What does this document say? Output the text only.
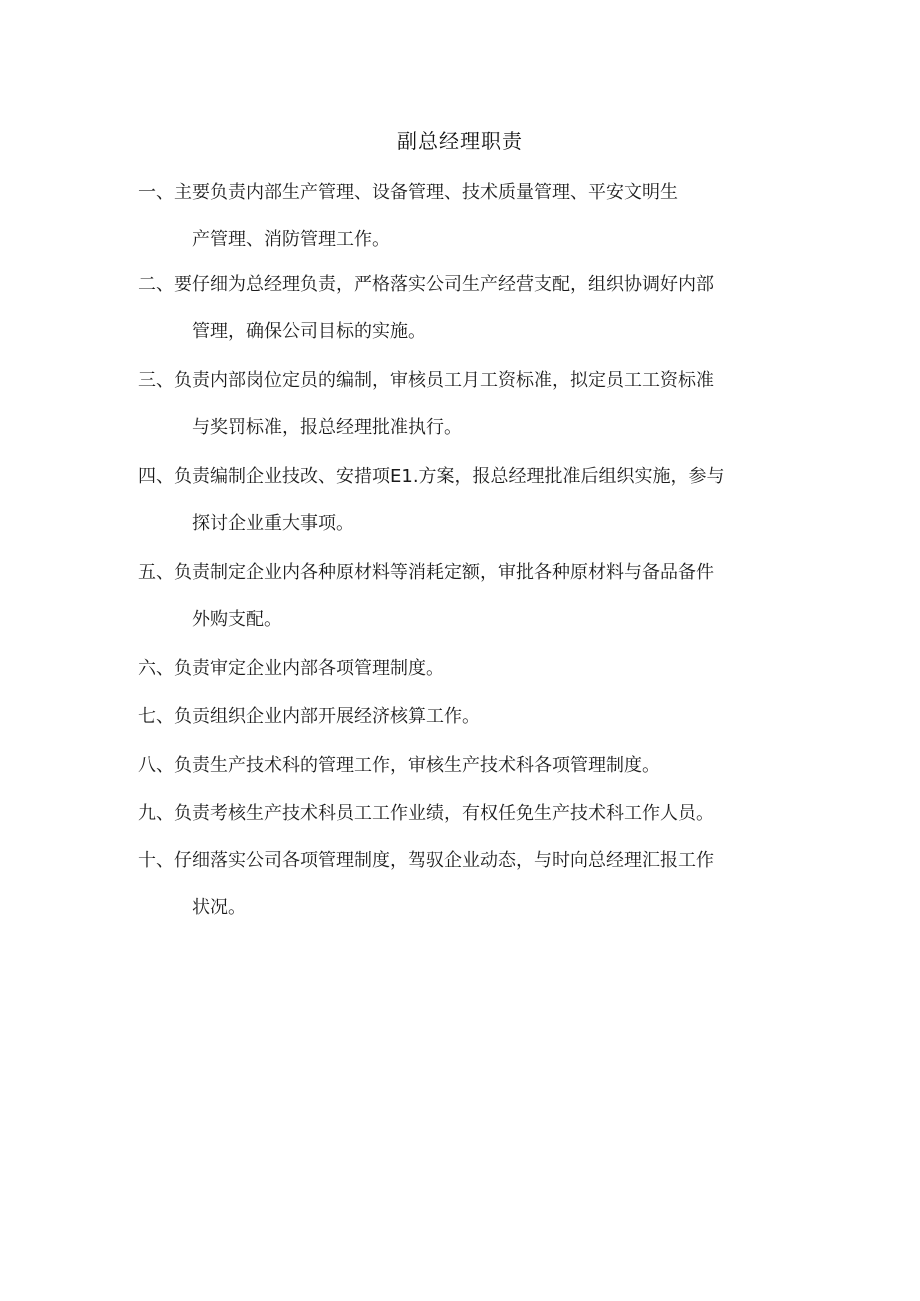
副总经理职责
一、主要负责内部生产管理、设备管理、技术质量管理、平安文明生
产管理、消防管理工作。
二、要仔细为总经理负责，严格落实公司生产经营支配，组织协调好内部
管理，确保公司目标的实施。
三、负责内部岗位定员的编制，审核员工月工资标准，拟定员工工资标准
与奖罚标准，报总经理批准执行。
四、负责编制企业技改、安措项E1.方案，报总经理批准后组织实施，参与
探讨企业重大事项。
五、负责制定企业内各种原材料等消耗定额，审批各种原材料与备品备件
外购支配。
六、负责审定企业内部各项管理制度。
七、负贡组织企业内部开展经济核算工作。
八、负责生产技术科的管理工作，审核生产技术科各项管理制度。
九、负责考核生产技术科员工工作业绩，有权任免生产技术科工作人员。
十、仔细落实公司各项管理制度，驾驭企业动态，与时向总经理汇报工作
状况。
